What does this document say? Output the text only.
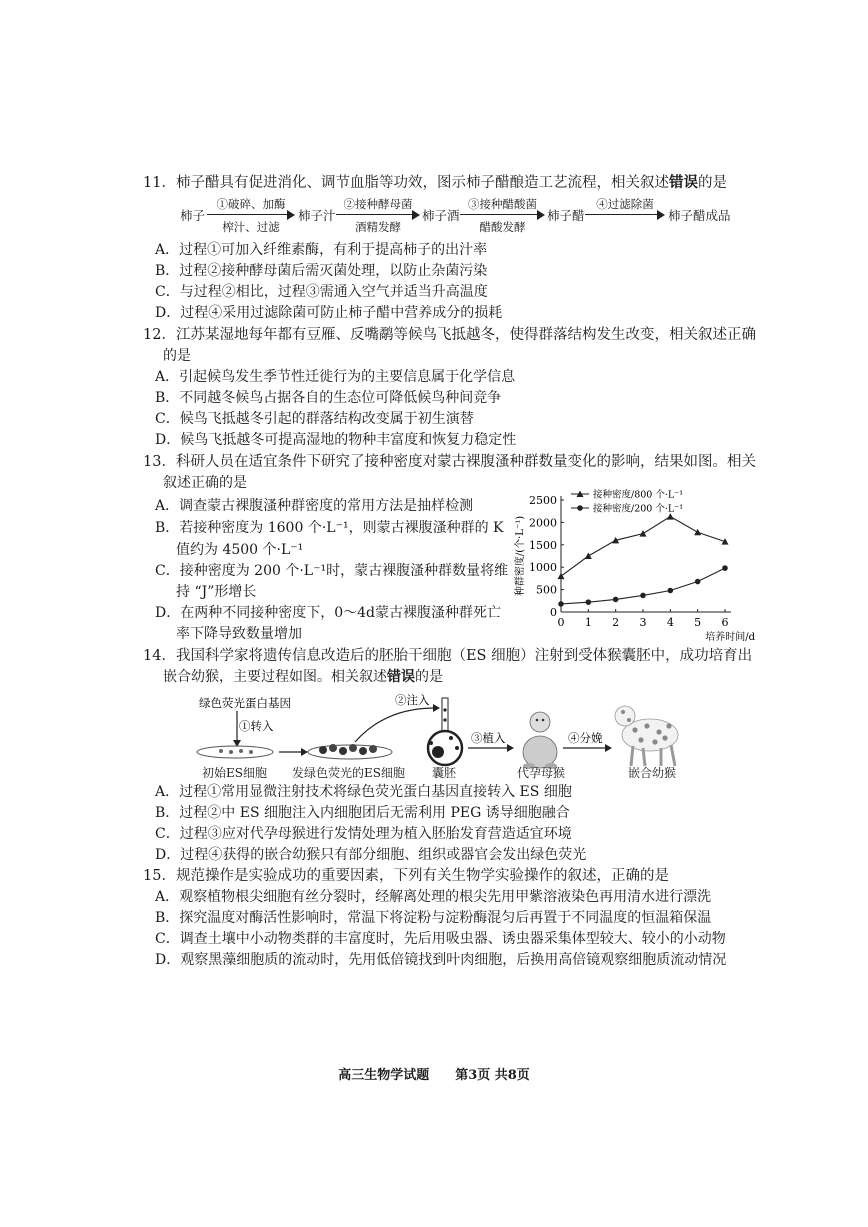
11．柿子醋具有促进消化、调节血脂等功效，图示柿子醋酿造工艺流程，相关叙述错误的是
柿子
①破碎、加酶
榨汁、过滤
柿子汁
②接种酵母菌
酒精发酵
柿子酒
③接种醋酸菌
醋酸发酵
柿子醋
④过滤除菌
柿子醋成品
A．过程①可加入纤维素酶，有利于提高柿子的出汁率
B．过程②接种酵母菌后需灭菌处理，以防止杂菌污染
C．与过程②相比，过程③需通入空气并适当升高温度
D．过程④采用过滤除菌可防止柿子醋中营养成分的损耗
12．江苏某湿地每年都有豆雁、反嘴鹬等候鸟飞抵越冬，使得群落结构发生改变，相关叙述正确
的是
A．引起候鸟发生季节性迁徙行为的主要信息属于化学信息
B．不同越冬候鸟占据各自的生态位可降低候鸟种间竞争
C．候鸟飞抵越冬引起的群落结构改变属于初生演替
D．候鸟飞抵越冬可提高湿地的物种丰富度和恢复力稳定性
13．科研人员在适宜条件下研究了接种密度对蒙古裸腹溞种群数量变化的影响，结果如图。相关
叙述正确的是
A．调查蒙古裸腹溞种群密度的常用方法是抽样检测
B．若接种密度为 1600 个·L⁻¹，则蒙古裸腹溞种群的 K
值约为 4500 个·L⁻¹
C．接种密度为 200 个·L⁻¹时，蒙古裸腹溞种群数量将维
持 “J”形增长
D．在两种不同接种密度下，0～4d蒙古裸腹溞种群死亡
率下降导致数量增加
0
500
1000
1500
2000
2500
0 1 2 3 4 5 6
培养时间/d
种群密度/(个·L⁻¹)
接种密度/800 个·L⁻¹
接种密度/200 个·L⁻¹
14．我国科学家将遗传信息改造后的胚胎干细胞（ES 细胞）注射到受体猴囊胚中，成功培育出
嵌合幼猴，主要过程如图。相关叙述错误的是
绿色荧光蛋白基因
①转入
②注入
③植入	④分娩
初始ES细胞 发绿色荧光的ES细胞 囊胚	代孕母猴	嵌合幼猴
A．过程①常用显微注射技术将绿色荧光蛋白基因直接转入 ES 细胞
B．过程②中 ES 细胞注入内细胞团后无需利用 PEG 诱导细胞融合
C．过程③应对代孕母猴进行发情处理为植入胚胎发育营造适宜环境
D．过程④获得的嵌合幼猴只有部分细胞、组织或器官会发出绿色荧光
15．规范操作是实验成功的重要因素，下列有关生物学实验操作的叙述，正确的是
A．观察植物根尖细胞有丝分裂时，经解离处理的根尖先用甲紫溶液染色再用清水进行漂洗
B．探究温度对酶活性影响时，常温下将淀粉与淀粉酶混匀后再置于不同温度的恒温箱保温
C．调查土壤中小动物类群的丰富度时，先后用吸虫器、诱虫器采集体型较大、较小的小动物
D．观察黑藻细胞质的流动时，先用低倍镜找到叶肉细胞，后换用高倍镜观察细胞质流动情况
高三生物学试题　　第3页 共8页
